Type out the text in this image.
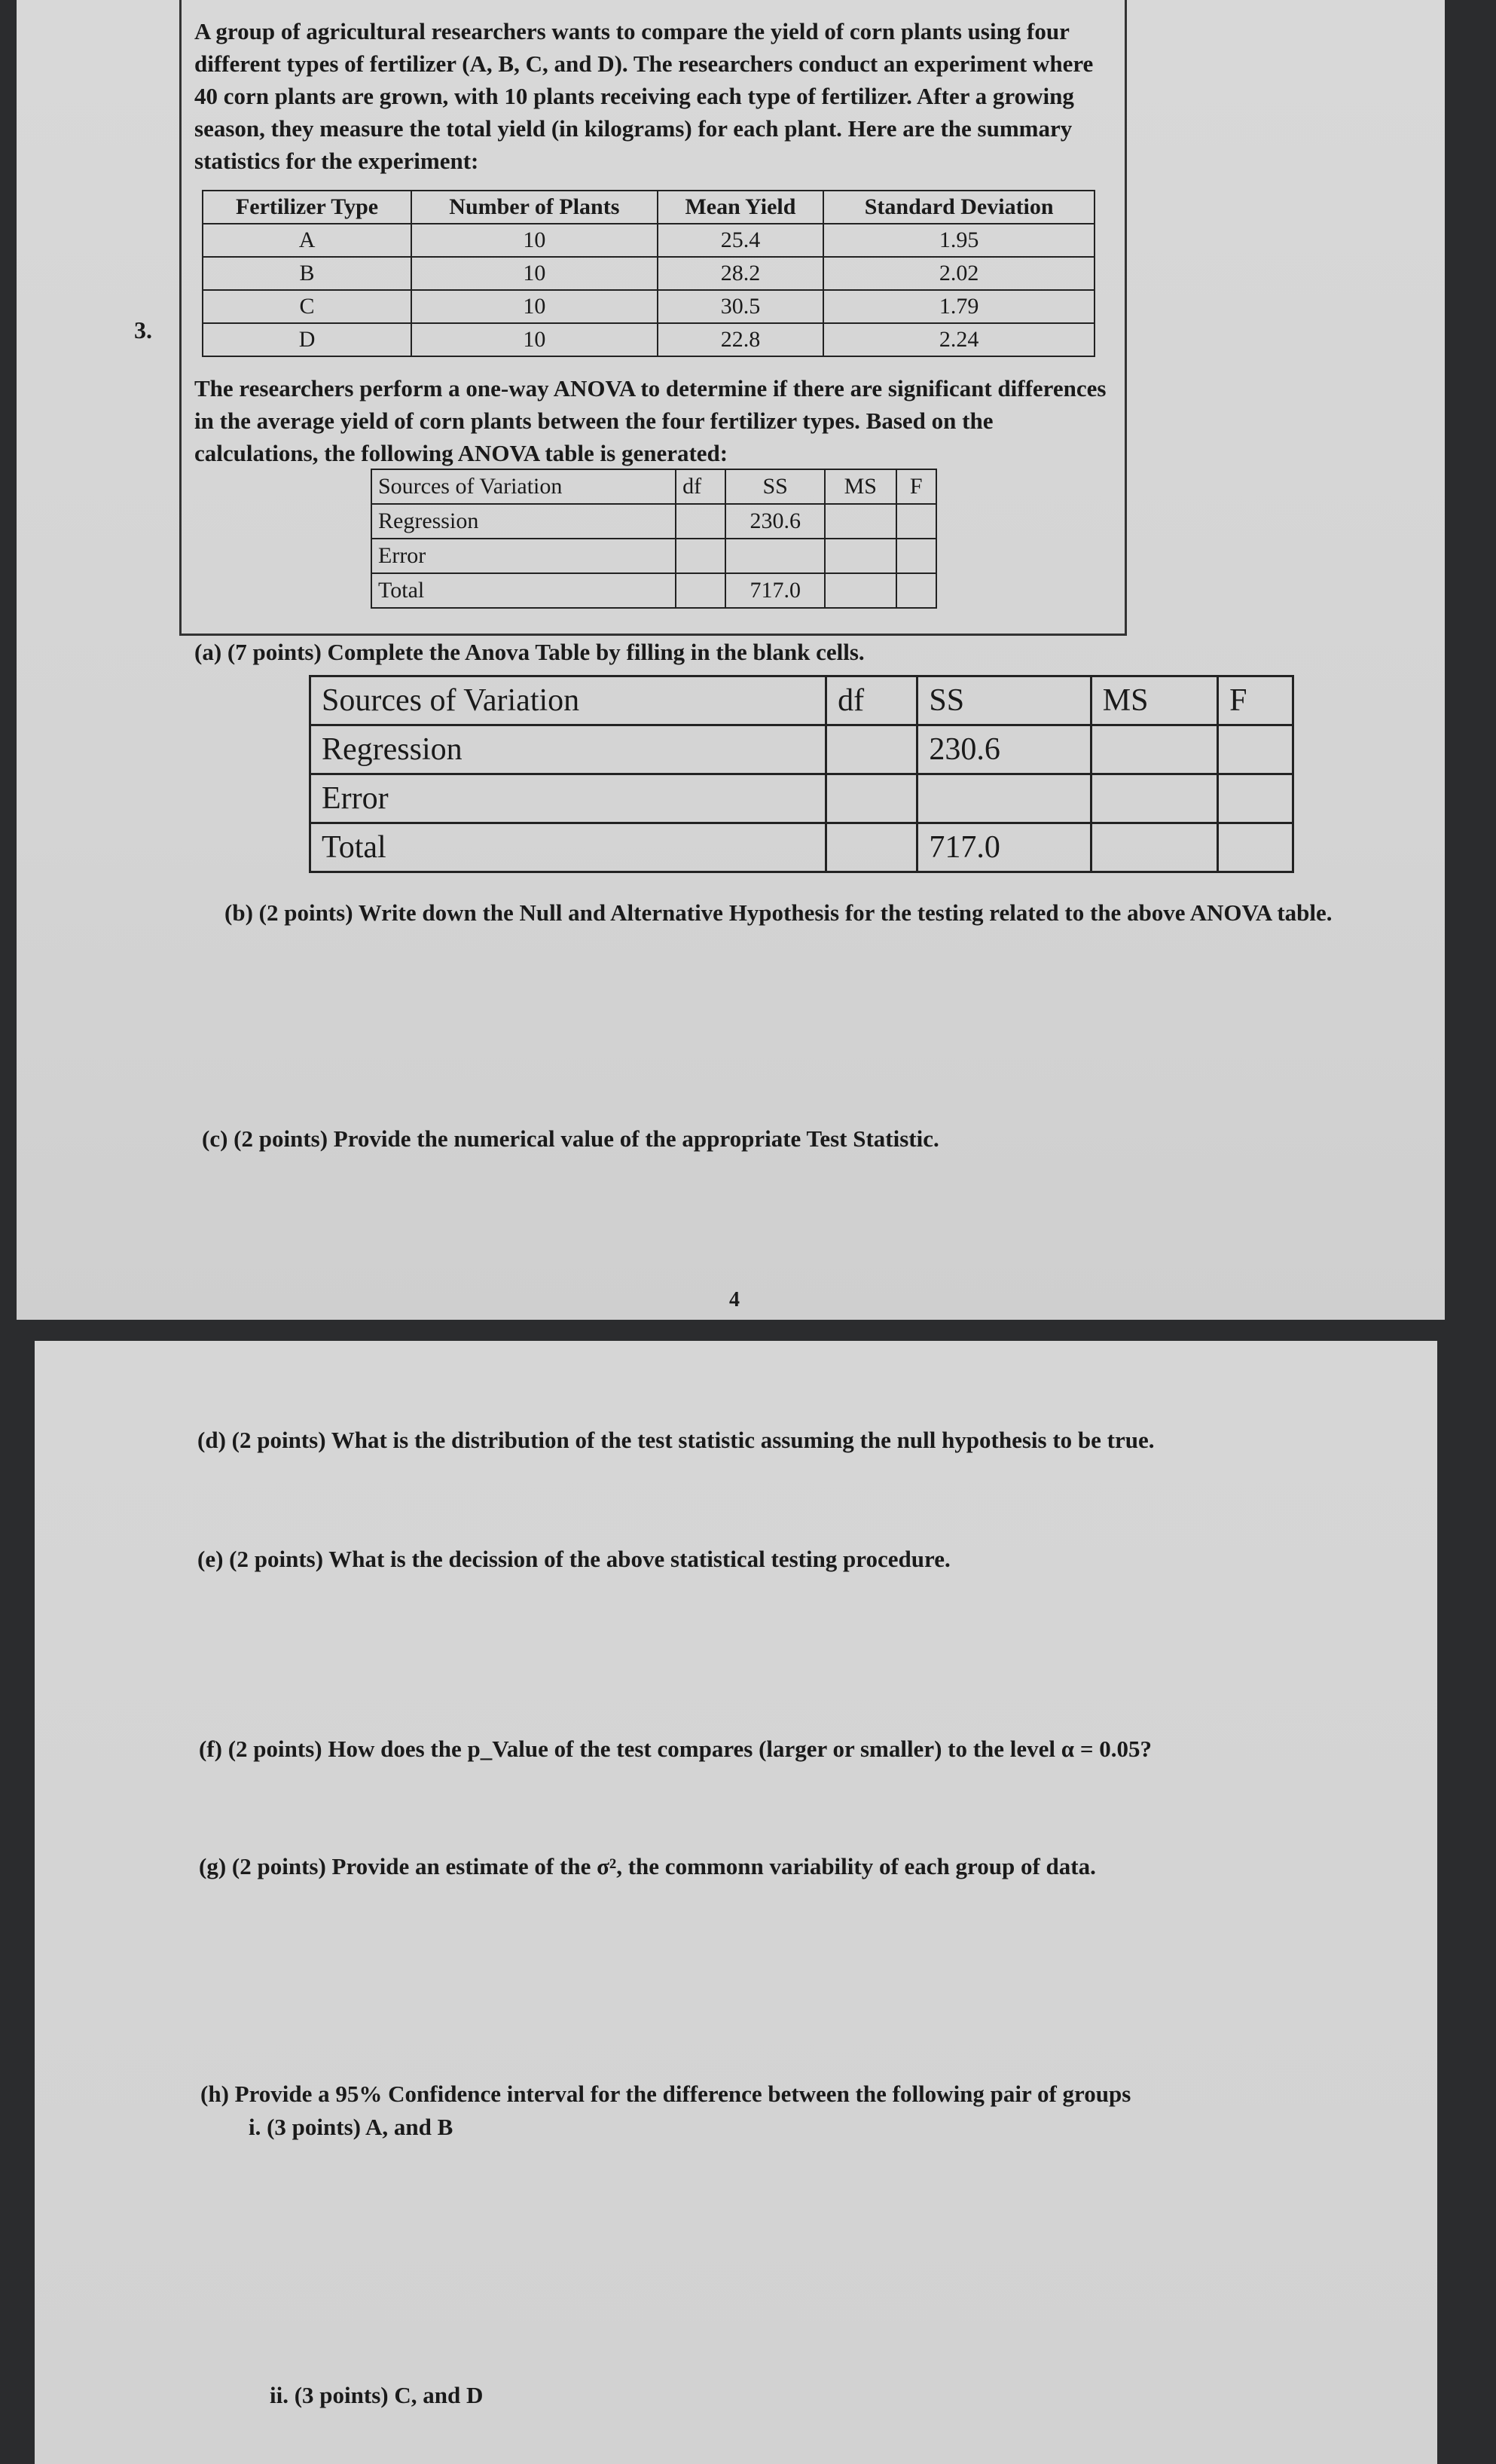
3.
A group of agricultural researchers wants to compare the yield of corn plants using four different types of fertilizer (A, B, C, and D). The researchers conduct an experiment where 40 corn plants are grown, with 10 plants receiving each type of fertilizer. After a growing season, they measure the total yield (in kilograms) for each plant. Here are the summary statistics for the experiment:
Fertilizer Type	Number of Plants	Mean Yield	Standard Deviation
A	10	25.4	1.95
B	10	28.2	2.02
C	10	30.5	1.79
D	10	22.8	2.24
The researchers perform a one-way ANOVA to determine if there are significant differences in the average yield of corn plants between the four fertilizer types. Based on the calculations, the following ANOVA table is generated:
Sources of Variation	df	SS	MS	F
Regression		230.6		
Error				
Total		717.0		
(a) (7 points) Complete the Anova Table by filling in the blank cells.
Sources of Variation	df	SS	MS	F
Regression		230.6		
Error				
Total		717.0		
(b) (2 points) Write down the Null and Alternative Hypothesis for the testing related to the above ANOVA table.
(c) (2 points) Provide the numerical value of the appropriate Test Statistic.
4
(d) (2 points) What is the distribution of the test statistic assuming the null hypothesis to be true.
(e) (2 points) What is the decission of the above statistical testing procedure.
(f) (2 points) How does the p_Value of the test compares (larger or smaller) to the level α = 0.05?
(g) (2 points) Provide an estimate of the σ², the commonn variability of each group of data.
(h) Provide a 95% Confidence interval for the difference between the following pair of groups
i. (3 points) A, and B
ii. (3 points) C, and D
